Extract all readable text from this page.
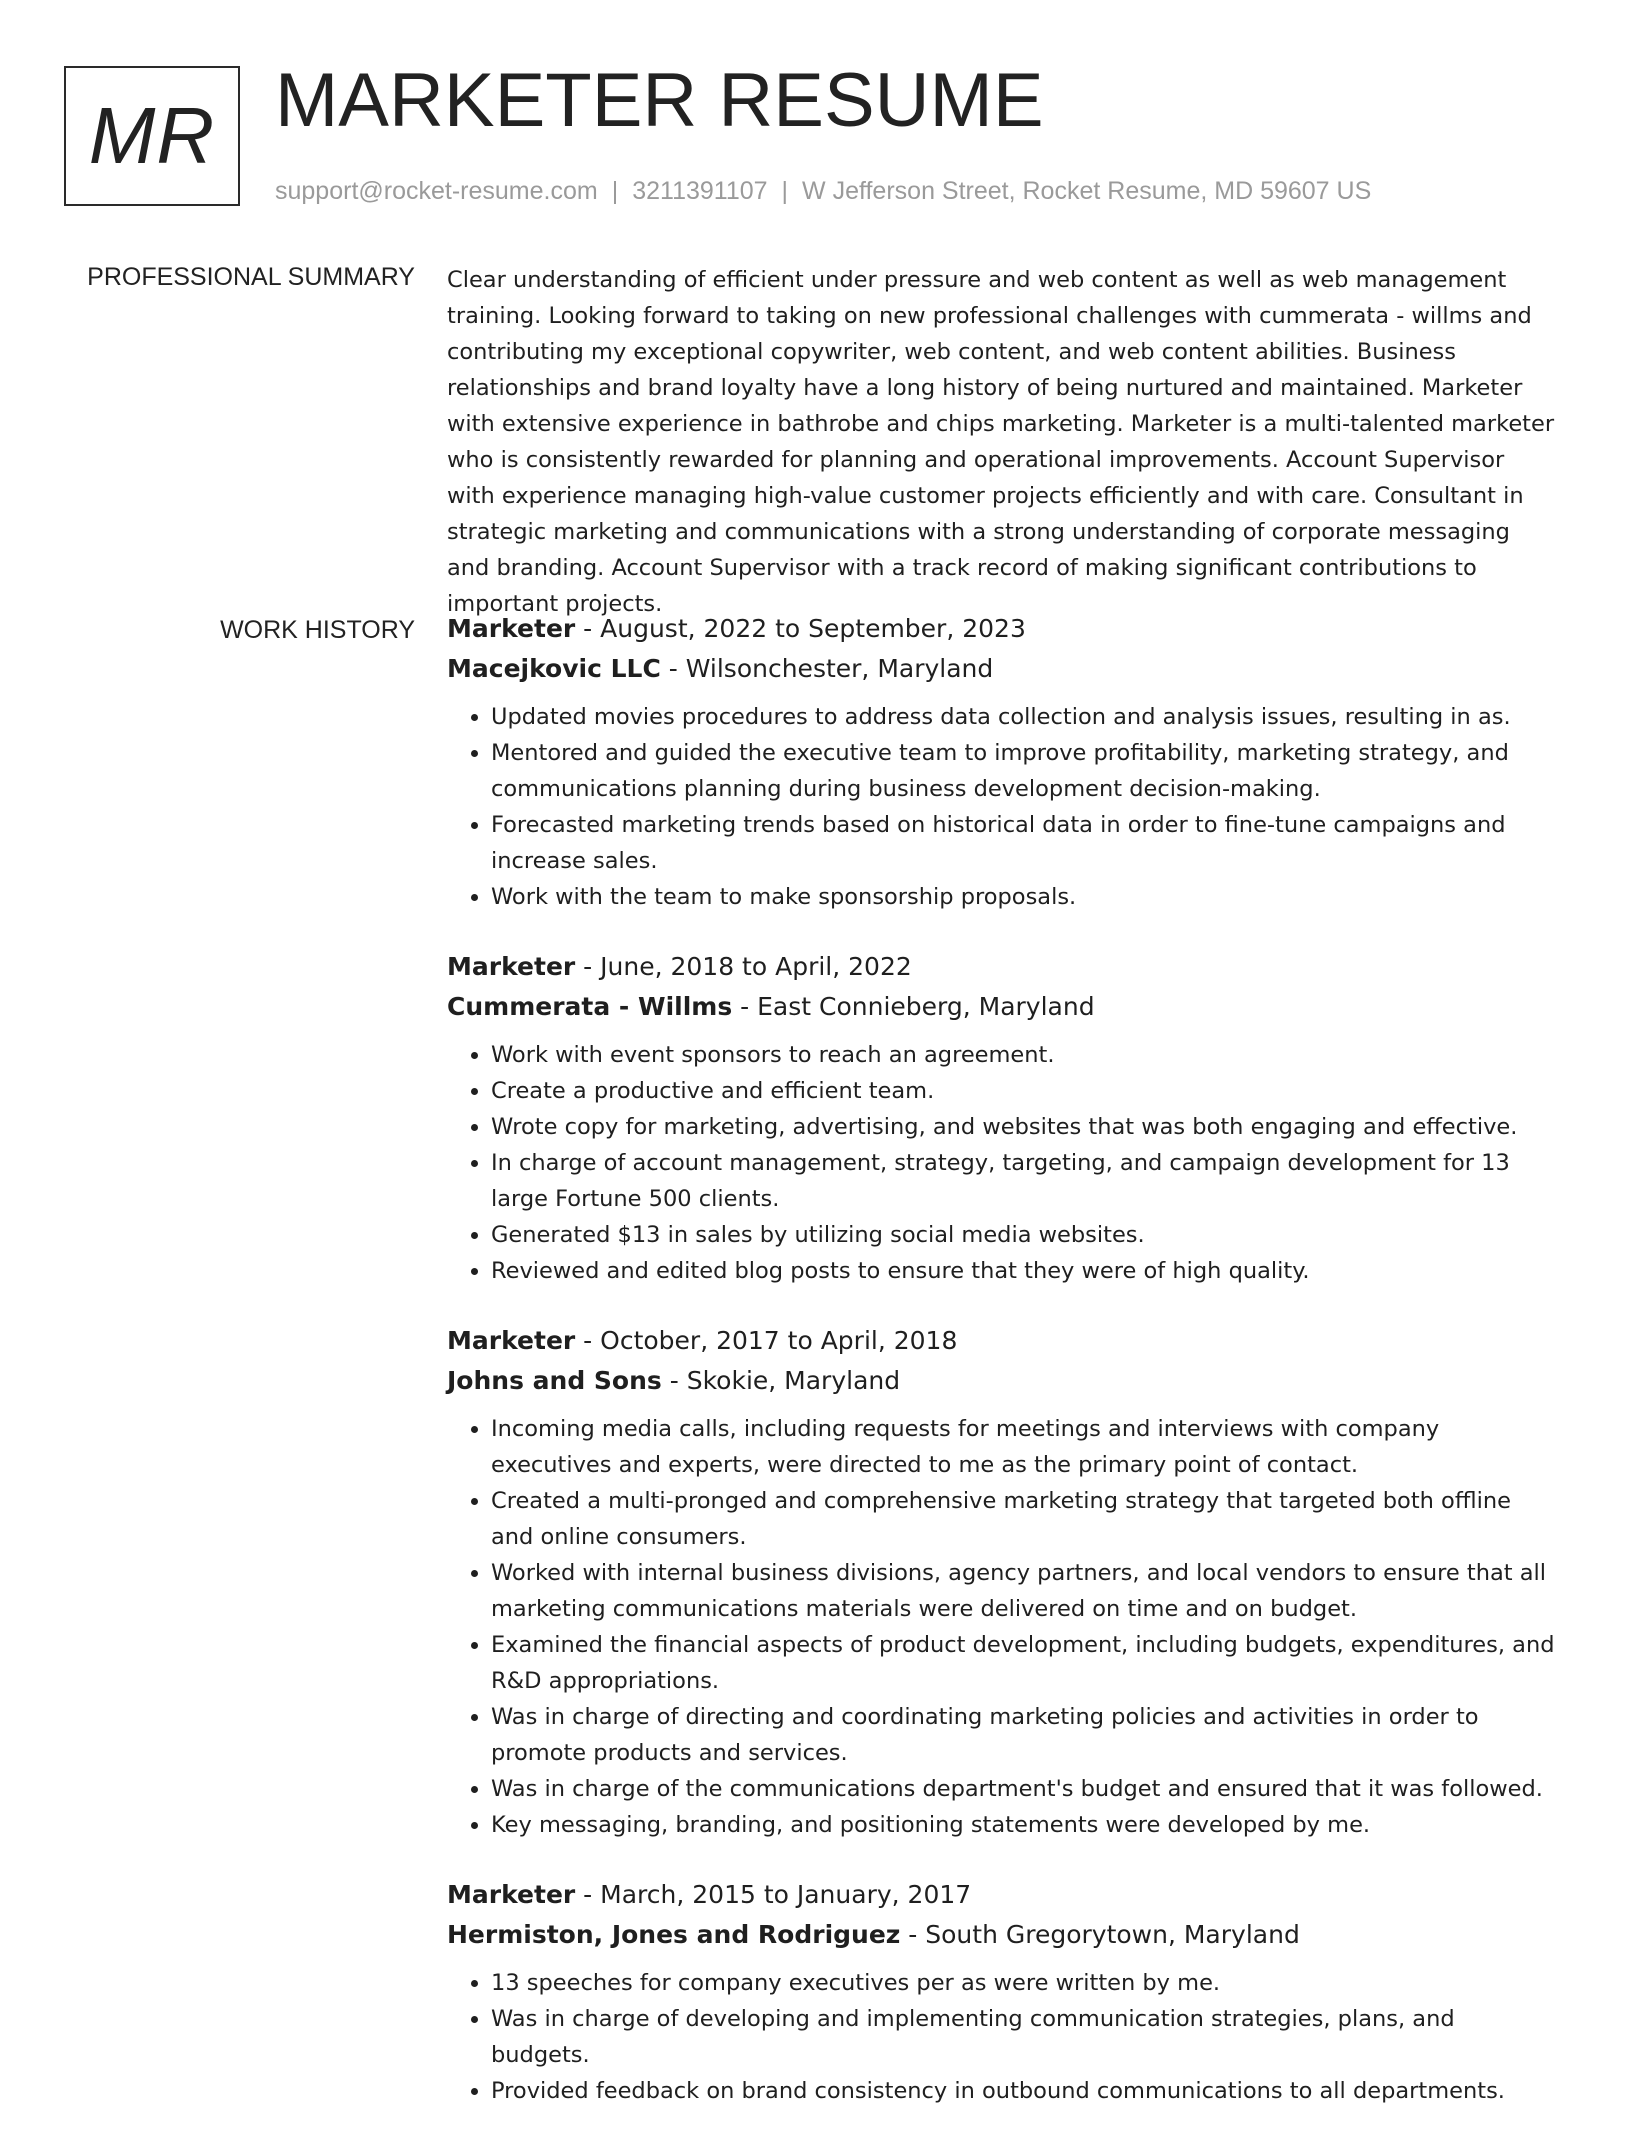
MR MARKETER RESUME
support@rocket-resume.com | 3211391107 | W Jefferson Street, Rocket Resume, MD 59607 US
PROFESSIONAL SUMMARY Clear understanding of efficient under pressure and web content as well as web management training. Looking forward to taking on new professional challenges with cummerata - willms and contributing my exceptional copywriter, web content, and web content abilities. Business relationships and brand loyalty have a long history of being nurtured and maintained. Marketer with extensive experience in bathrobe and chips marketing. Marketer is a multi-talented marketer who is consistently rewarded for planning and operational improvements. Account Supervisor with experience managing high-value customer projects efficiently and with care. Consultant in strategic marketing and communications with a strong understanding of corporate messaging and branding. Account Supervisor with a track record of making significant contributions to important projects.

WORK HISTORY Marketer - August, 2022 to September, 2023
Macejkovic LLC - Wilsonchester, Maryland
• Updated movies procedures to address data collection and analysis issues, resulting in as.
• Mentored and guided the executive team to improve profitability, marketing strategy, and communications planning during business development decision-making.
• Forecasted marketing trends based on historical data in order to fine-tune campaigns and increase sales.
• Work with the team to make sponsorship proposals.
Marketer - June, 2018 to April, 2022
Cummerata - Willms - East Connieberg, Maryland
• Work with event sponsors to reach an agreement.
• Create a productive and efficient team.
• Wrote copy for marketing, advertising, and websites that was both engaging and effective.
• In charge of account management, strategy, targeting, and campaign development for 13 large Fortune 500 clients.
• Generated $13 in sales by utilizing social media websites.
• Reviewed and edited blog posts to ensure that they were of high quality.
Marketer - October, 2017 to April, 2018
Johns and Sons - Skokie, Maryland
• Incoming media calls, including requests for meetings and interviews with company executives and experts, were directed to me as the primary point of contact.
• Created a multi-pronged and comprehensive marketing strategy that targeted both offline and online consumers.
• Worked with internal business divisions, agency partners, and local vendors to ensure that all marketing communications materials were delivered on time and on budget.
• Examined the financial aspects of product development, including budgets, expenditures, and R&D appropriations.
• Was in charge of directing and coordinating marketing policies and activities in order to promote products and services.
• Was in charge of the communications department's budget and ensured that it was followed.
• Key messaging, branding, and positioning statements were developed by me.
Marketer - March, 2015 to January, 2017
Hermiston, Jones and Rodriguez - South Gregorytown, Maryland
• 13 speeches for company executives per as were written by me.
• Was in charge of developing and implementing communication strategies, plans, and budgets.
• Provided feedback on brand consistency in outbound communications to all departments.
